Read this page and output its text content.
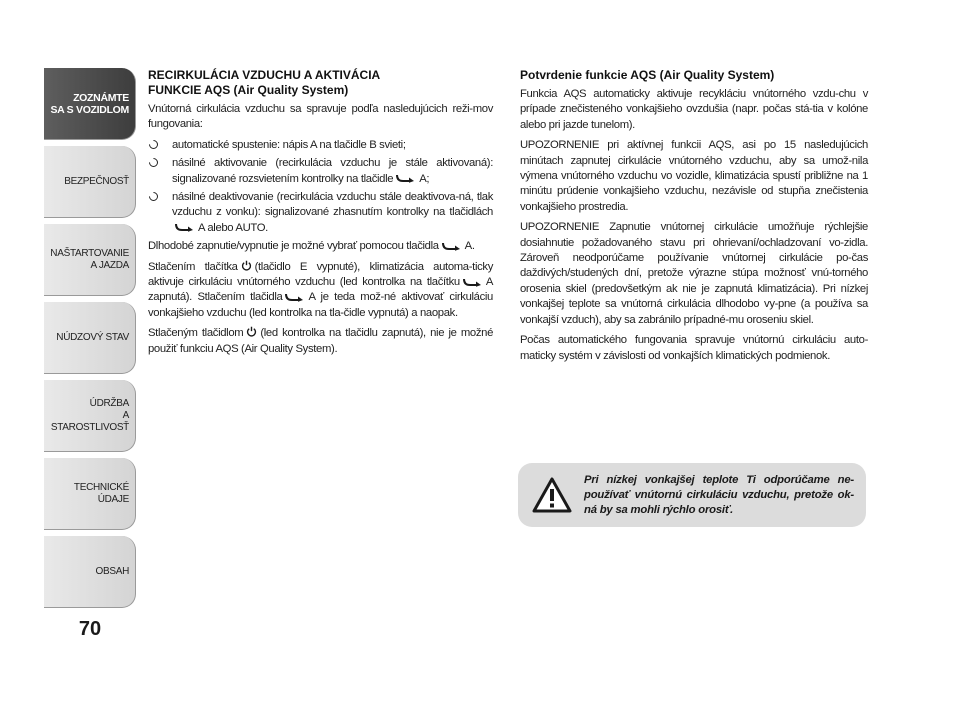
ZOZNÁMTE
SA S VOZIDLOM
BEZPEČNOSŤ
NAŠTARTOVANIE
A JAZDA
NÚDZOVÝ STAV
ÚDRŽBA
A STAROSTLIVOSŤ
TECHNICKÉ
ÚDAJE
OBSAH
70
RECIRKULÁCIA VZDUCHU A AKTIVÁCIA
FUNKCIE AQS (Air Quality System)

Vnútorná cirkulácia vzduchu sa spravuje podľa nasledujúcich reži-mov fungovania:

automatické spustenie: nápis A na tlačidle B svieti;
násilné aktivovanie (recirkulácia vzduchu je stále aktivovaná): signalizované rozsvietením kontrolky na tlačidle A;
násilné deaktivovanie (recirkulácia vzduchu stále deaktivova-ná, tlak vzduchu z vonku): signalizované zhasnutím kontrolky na tlačidláchA alebo AUTO.

Dlhodobé zapnutie/vypnutie je možné vybrať pomocou tlačidla A.

Stlačením tlačítka (tlačidlo E vypnuté), klimatizácia automa-ticky aktivuje cirkuláciu vnútorného vzduchu (led kontrolka na tlačítku A zapnutá). Stlačením tlačidla A je teda mož-né aktivovať cirkuláciu vonkajšieho vzduchu (led kontrolka na tla-čidle vypnutá) a naopak.

Stlačeným tlačidlom (led kontrolka na tlačidlu zapnutá), nie je možné použiť funkciu AQS (Air Quality System).

Potvrdenie funkcie AQS (Air Quality System)

Funkcia AQS automaticky aktivuje recykláciu vnútorného vzdu-chu v prípade znečisteného vonkajšieho ovzdušia (napr. počas stá-tia v kolóne alebo pri jazde tunelom).

UPOZORNENIE pri aktívnej funkcii AQS, asi po 15 nasledujúcich minútach zapnutej cirkulácie vnútorného vzduchu, aby sa umož-nila výmena vnútorného vzduchu vo vozidle, klimatizácia spustí približne na 1 minútu prúdenie vonkajšieho vzduchu, nezávisle od stupňa znečistenia vonkajšieho prostredia.

UPOZORNENIE Zapnutie vnútornej cirkulácie umožňuje rýchlejšie dosiahnutie požadovaného stavu pri ohrievaní/ochladzovaní vo-zidla. Zároveň neodporúčame používanie vnútornej cirkulácie po-čas daždivých/studených dní, pretože výrazne stúpa možnosť vnú-torného orosenia skiel (predovšetkým ak nie je zapnutá klimatizácia). Pri nízkej vonkajšej teplote sa vnútorná cirkulácia dlhodobo vy-pne (a používa sa vonkajší vzduch), aby sa zabránilo prípadné-mu oroseniu skiel.

Počas automatického fungovania spravuje vnútornú cirkuláciu auto-maticky systém v závislosti od vonkajších klimatických podmienok.

Pri nízkej vonkajšej teplote Ti odporúčame ne-používať vnútornú cirkuláciu vzduchu, pretože ok-ná by sa mohli rýchlo orosiť.
